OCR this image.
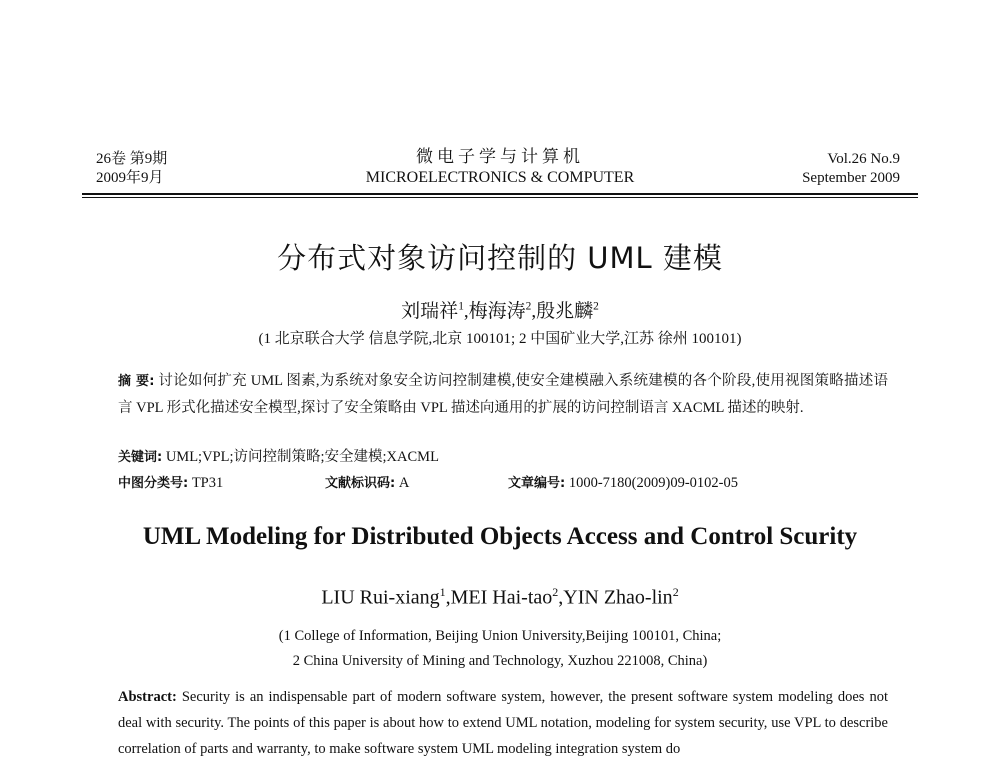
26卷 第9期
2009年9月
微电子学与计算机
MICROELECTRONICS & COMPUTER
Vol.26 No.9
September 2009
分布式对象访问控制的 UML 建模
刘瑞祥$^1$,梅海涛$^2$,殷兆麟$^2$
(1 北京联合大学 信息学院,北京 100101; 2 中国矿业大学,江苏 徐州 100101)
摘 要: 讨论如何扩充 UML 图素,为系统对象安全访问控制建模,使安全建模融入系统建模的各个阶段,使用视图策略描述语言 VPL 形式化描述安全模型,探讨了安全策略由 VPL 描述向通用的扩展的访问控制语言 XACML 描述的映射.
关键词: UML;VPL;访问控制策略;安全建模;XACML
中图分类号: TP31	文献标识码: A	文章编号: 1000-7180(2009)09-0102-05
UML Modeling for Distributed Objects Access and Control Scurity
LIU Rui-xiang$^1$,MEI Hai-tao$^2$,YIN Zhao-lin$^2$
(1 College of Information, Beijing Union University,Beijing 100101, China;
2 China University of Mining and Technology, Xuzhou 221008, China)
Abstract: Security is an indispensable part of modern software system, however, the present software system modeling does not deal with security. The points of this paper is about how to extend UML notation, modeling for system security, use VPL to describe correlation of parts and warranty, to make software system UML modeling integration system do
